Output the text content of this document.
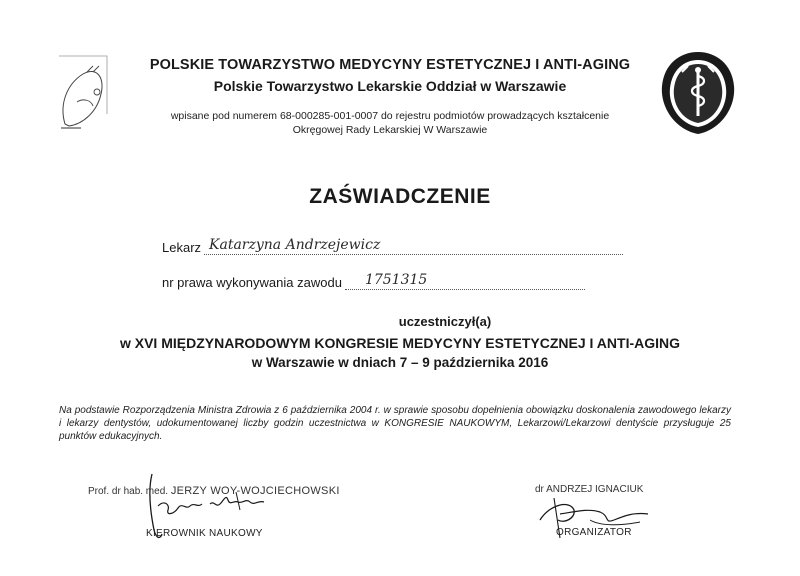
POLSKIE TOWARZYSTWO MEDYCYNY ESTETYCZNEJ I ANTI-AGING
Polskie Towarzystwo Lekarskie Oddział w Warszawie
wpisane pod numerem 68-000285-001-0007 do rejestru podmiotów prowadzących kształcenie
Okręgowej Rady Lekarskiej W Warszawie
ZAŚWIADCZENIE
Lekarz Katarzyna Andrzejewicz
nr prawa wykonywania zawodu 1751315
uczestniczył(a)
w XVI MIĘDZYNARODOWYM KONGRESIE MEDYCYNY ESTETYCZNEJ I ANTI-AGING
w Warszawie w dniach 7 – 9 października 2016
Na podstawie Rozporządzenia Ministra Zdrowia z 6 października 2004 r. w sprawie sposobu dopełnienia obowiązku doskonalenia zawodowego lekarzy i lekarzy dentystów, udokumentowanej liczby godzin uczestnictwa w KONGRESIE NAUKOWYM, Lekarzowi/Lekarzowi dentyście przysługuje 25 punktów edukacyjnych.
Prof. dr hab. med. JERZY WOY-WOJCIECHOWSKI
KIEROWNIK NAUKOWY
dr ANDRZEJ IGNACIUK
ORGANIZATOR
